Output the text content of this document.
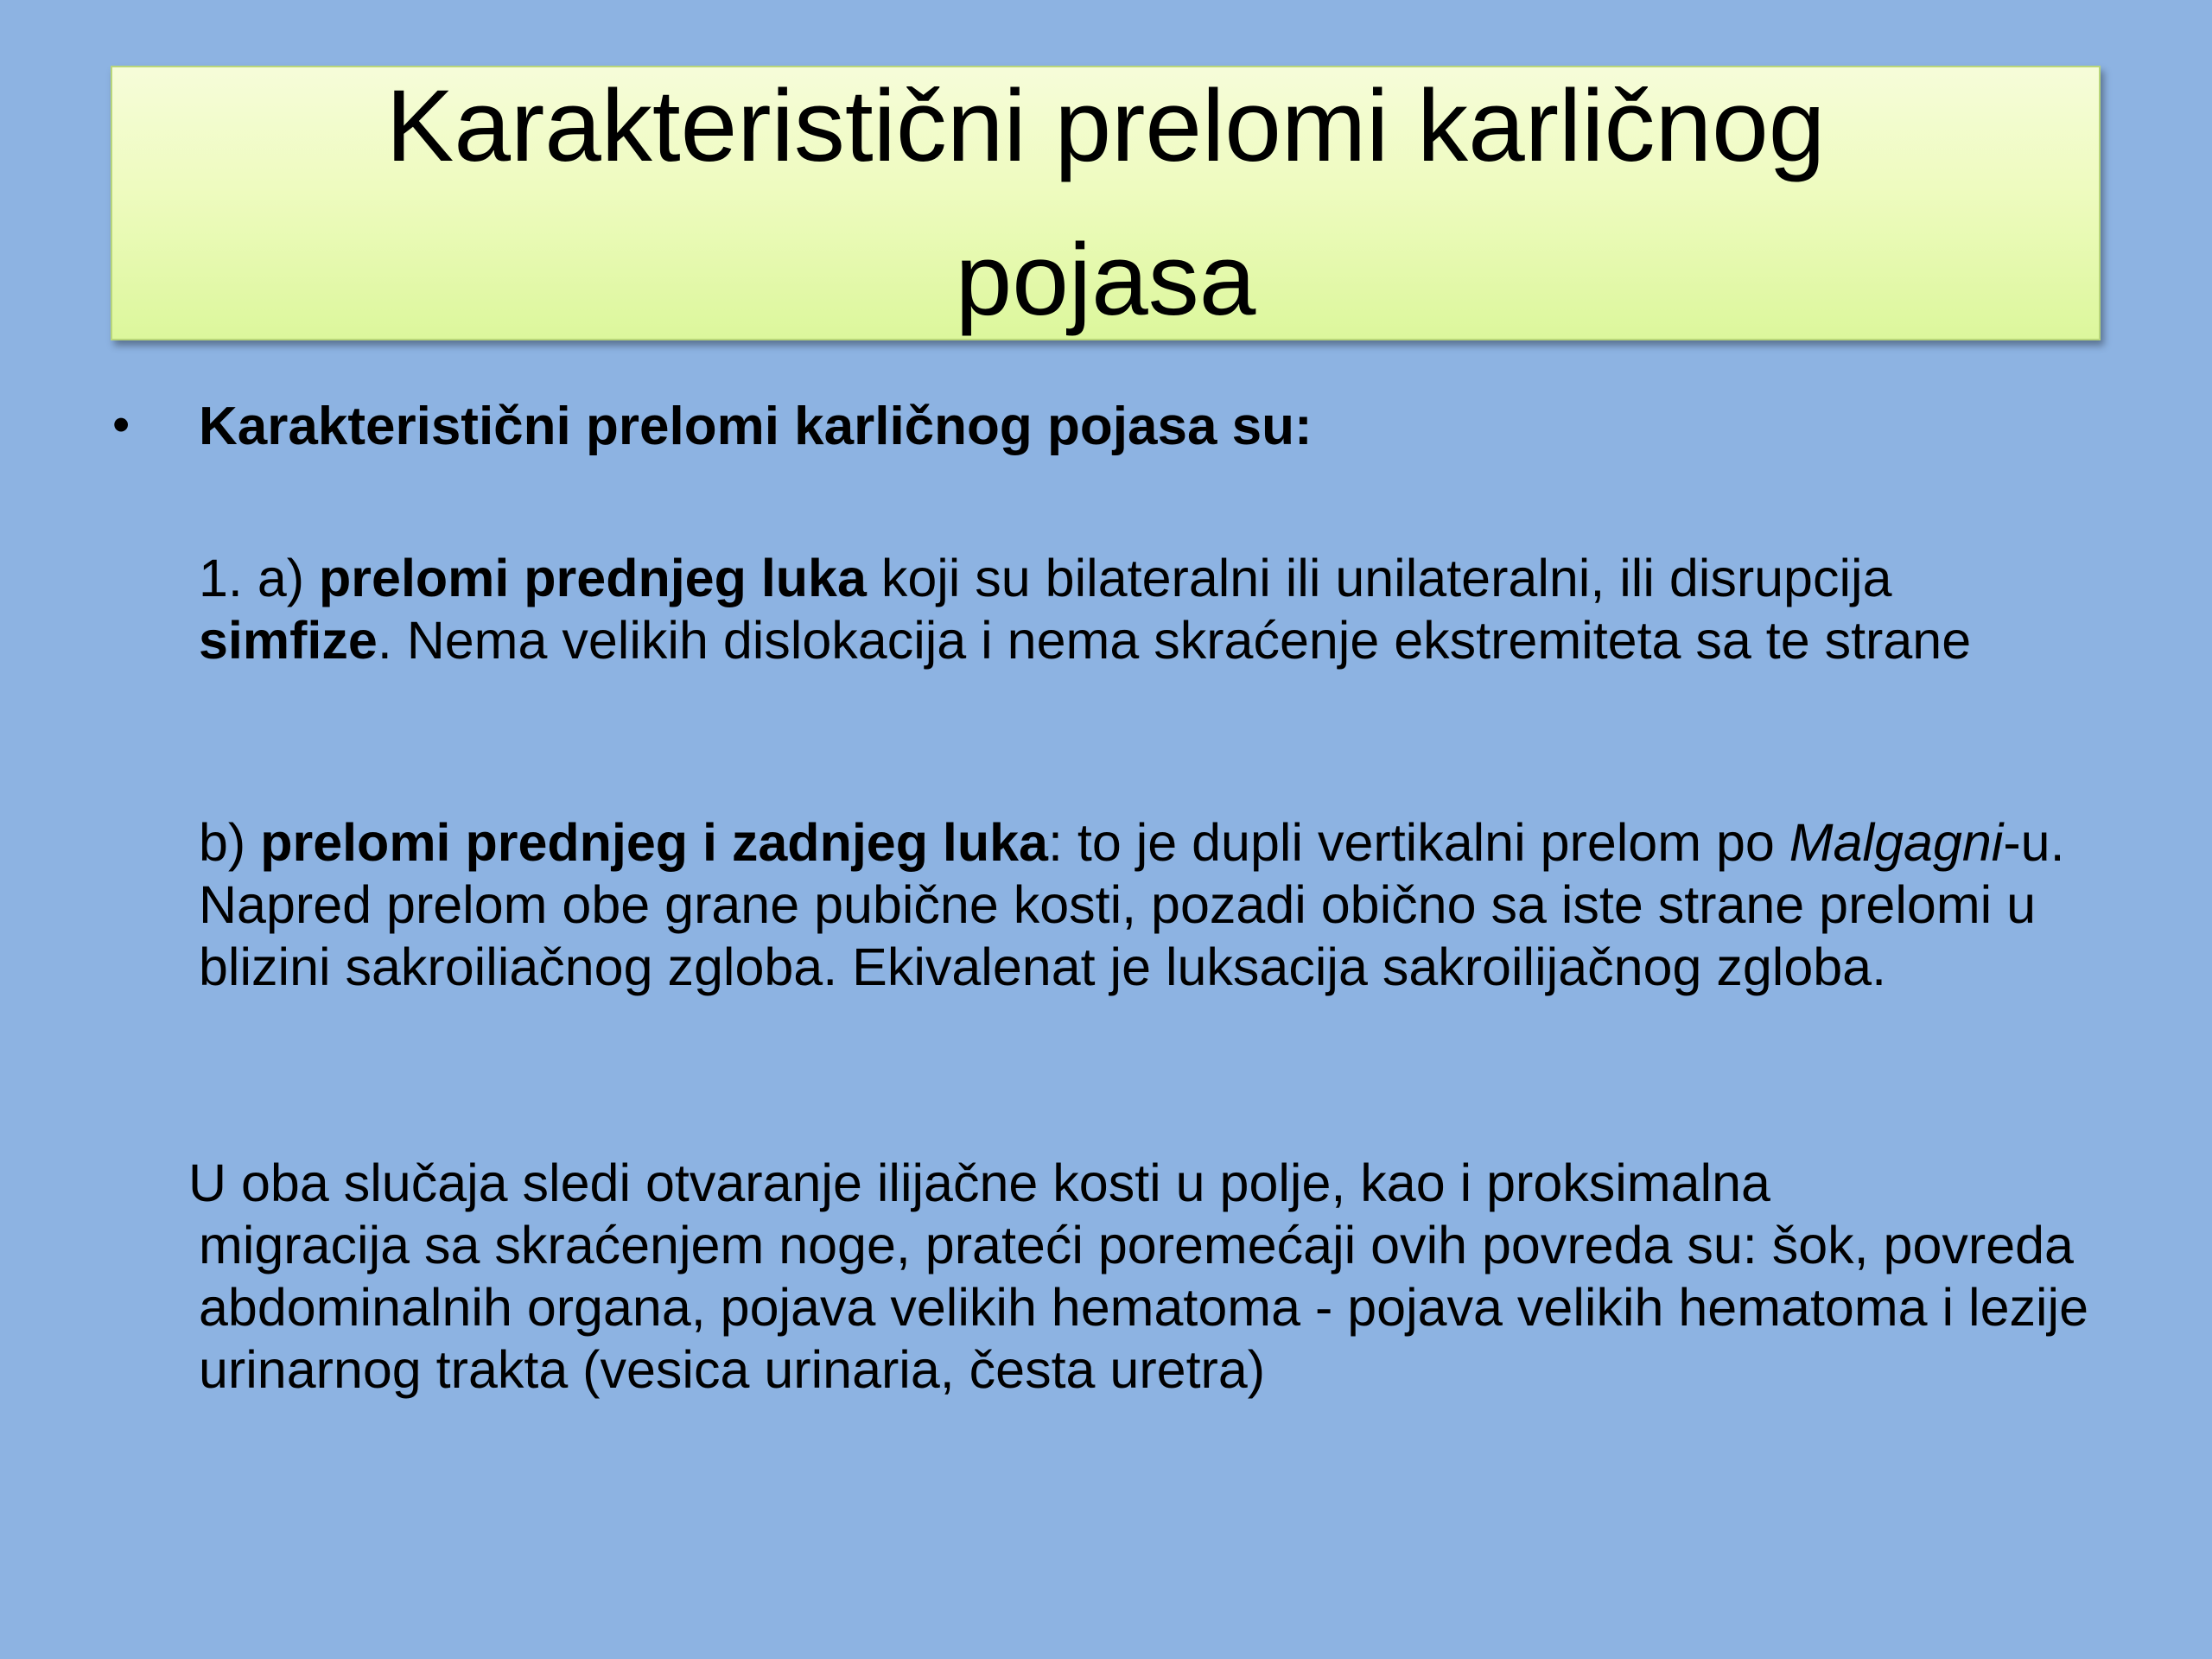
Karakteristični prelomi karličnog pojasa
• Karakteristični prelomi karličnog pojasa su:

1. a) prelomi prednjeg luka koji su bilateralni ili unilateralni, ili disrupcija simfize. Nema velikih dislokacija i nema skraćenje ekstremiteta sa te strane

b) prelomi prednjeg i zadnjeg luka: to je dupli vertikalni prelom po Malgagni-u. Napred prelom obe grane pubične kosti, pozadi obično sa iste strane prelomi u blizini sakroiliačnog zgloba. Ekivalenat je luksacija sakroilijačnog zgloba.

U oba slučaja sledi otvaranje ilijačne kosti u polje, kao i proksimalna
migracija sa skraćenjem noge, prateći poremećaji ovih povreda su: šok, povreda abdominalnih organa, pojava velikih hematoma - pojava velikih hematoma i lezije urinarnog trakta (vesica urinaria, česta uretra)
